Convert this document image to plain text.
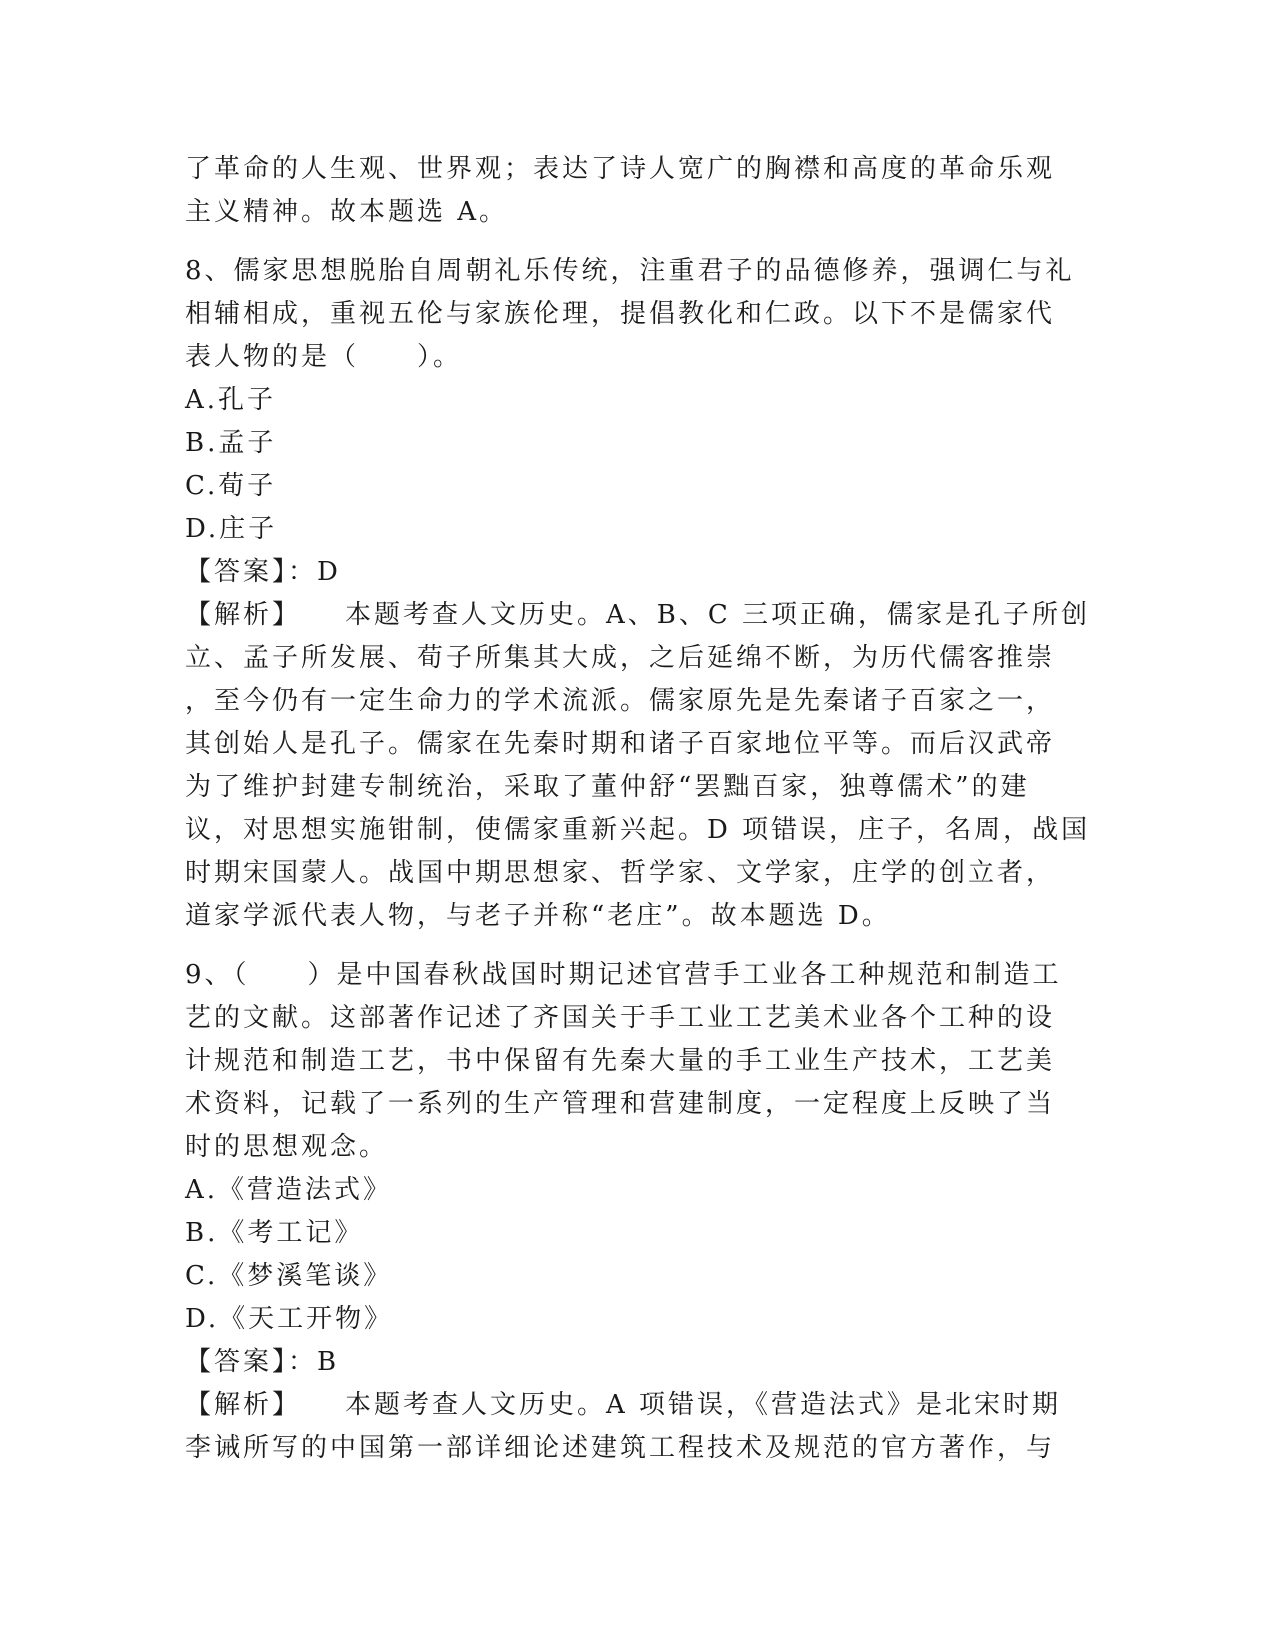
了革命的人生观、世界观；表达了诗人宽广的胸襟和高度的革命乐观
主义精神。故本题选 A。
8、儒家思想脱胎自周朝礼乐传统，注重君子的品德修养，强调仁与礼
相辅相成，重视五伦与家族伦理，提倡教化和仁政。以下不是儒家代
表人物的是（　　）。
A.孔子
B.孟子
C.荀子
D.庄子
【答案】：D
【解析】 本题考查人文历史。A、B、C 三项正确，儒家是孔子所创
立、孟子所发展、荀子所集其大成，之后延绵不断，为历代儒客推崇
，至今仍有一定生命力的学术流派。儒家原先是先秦诸子百家之一，
其创始人是孔子。儒家在先秦时期和诸子百家地位平等。而后汉武帝
为了维护封建专制统治，采取了董仲舒“罢黜百家，独尊儒术”的建
议，对思想实施钳制，使儒家重新兴起。D 项错误，庄子，名周，战国
时期宋国蒙人。战国中期思想家、哲学家、文学家，庄学的创立者，
道家学派代表人物，与老子并称“老庄”。故本题选 D。
9、（　　）是中国春秋战国时期记述官营手工业各工种规范和制造工
艺的文献。这部著作记述了齐国关于手工业工艺美术业各个工种的设
计规范和制造工艺，书中保留有先秦大量的手工业生产技术，工艺美
术资料，记载了一系列的生产管理和营建制度，一定程度上反映了当
时的思想观念。
A.《营造法式》
B.《考工记》
C.《梦溪笔谈》
D.《天工开物》
【答案】：B
【解析】 本题考查人文历史。A 项错误，《营造法式》是北宋时期
李诫所写的中国第一部详细论述建筑工程技术及规范的官方著作，与
